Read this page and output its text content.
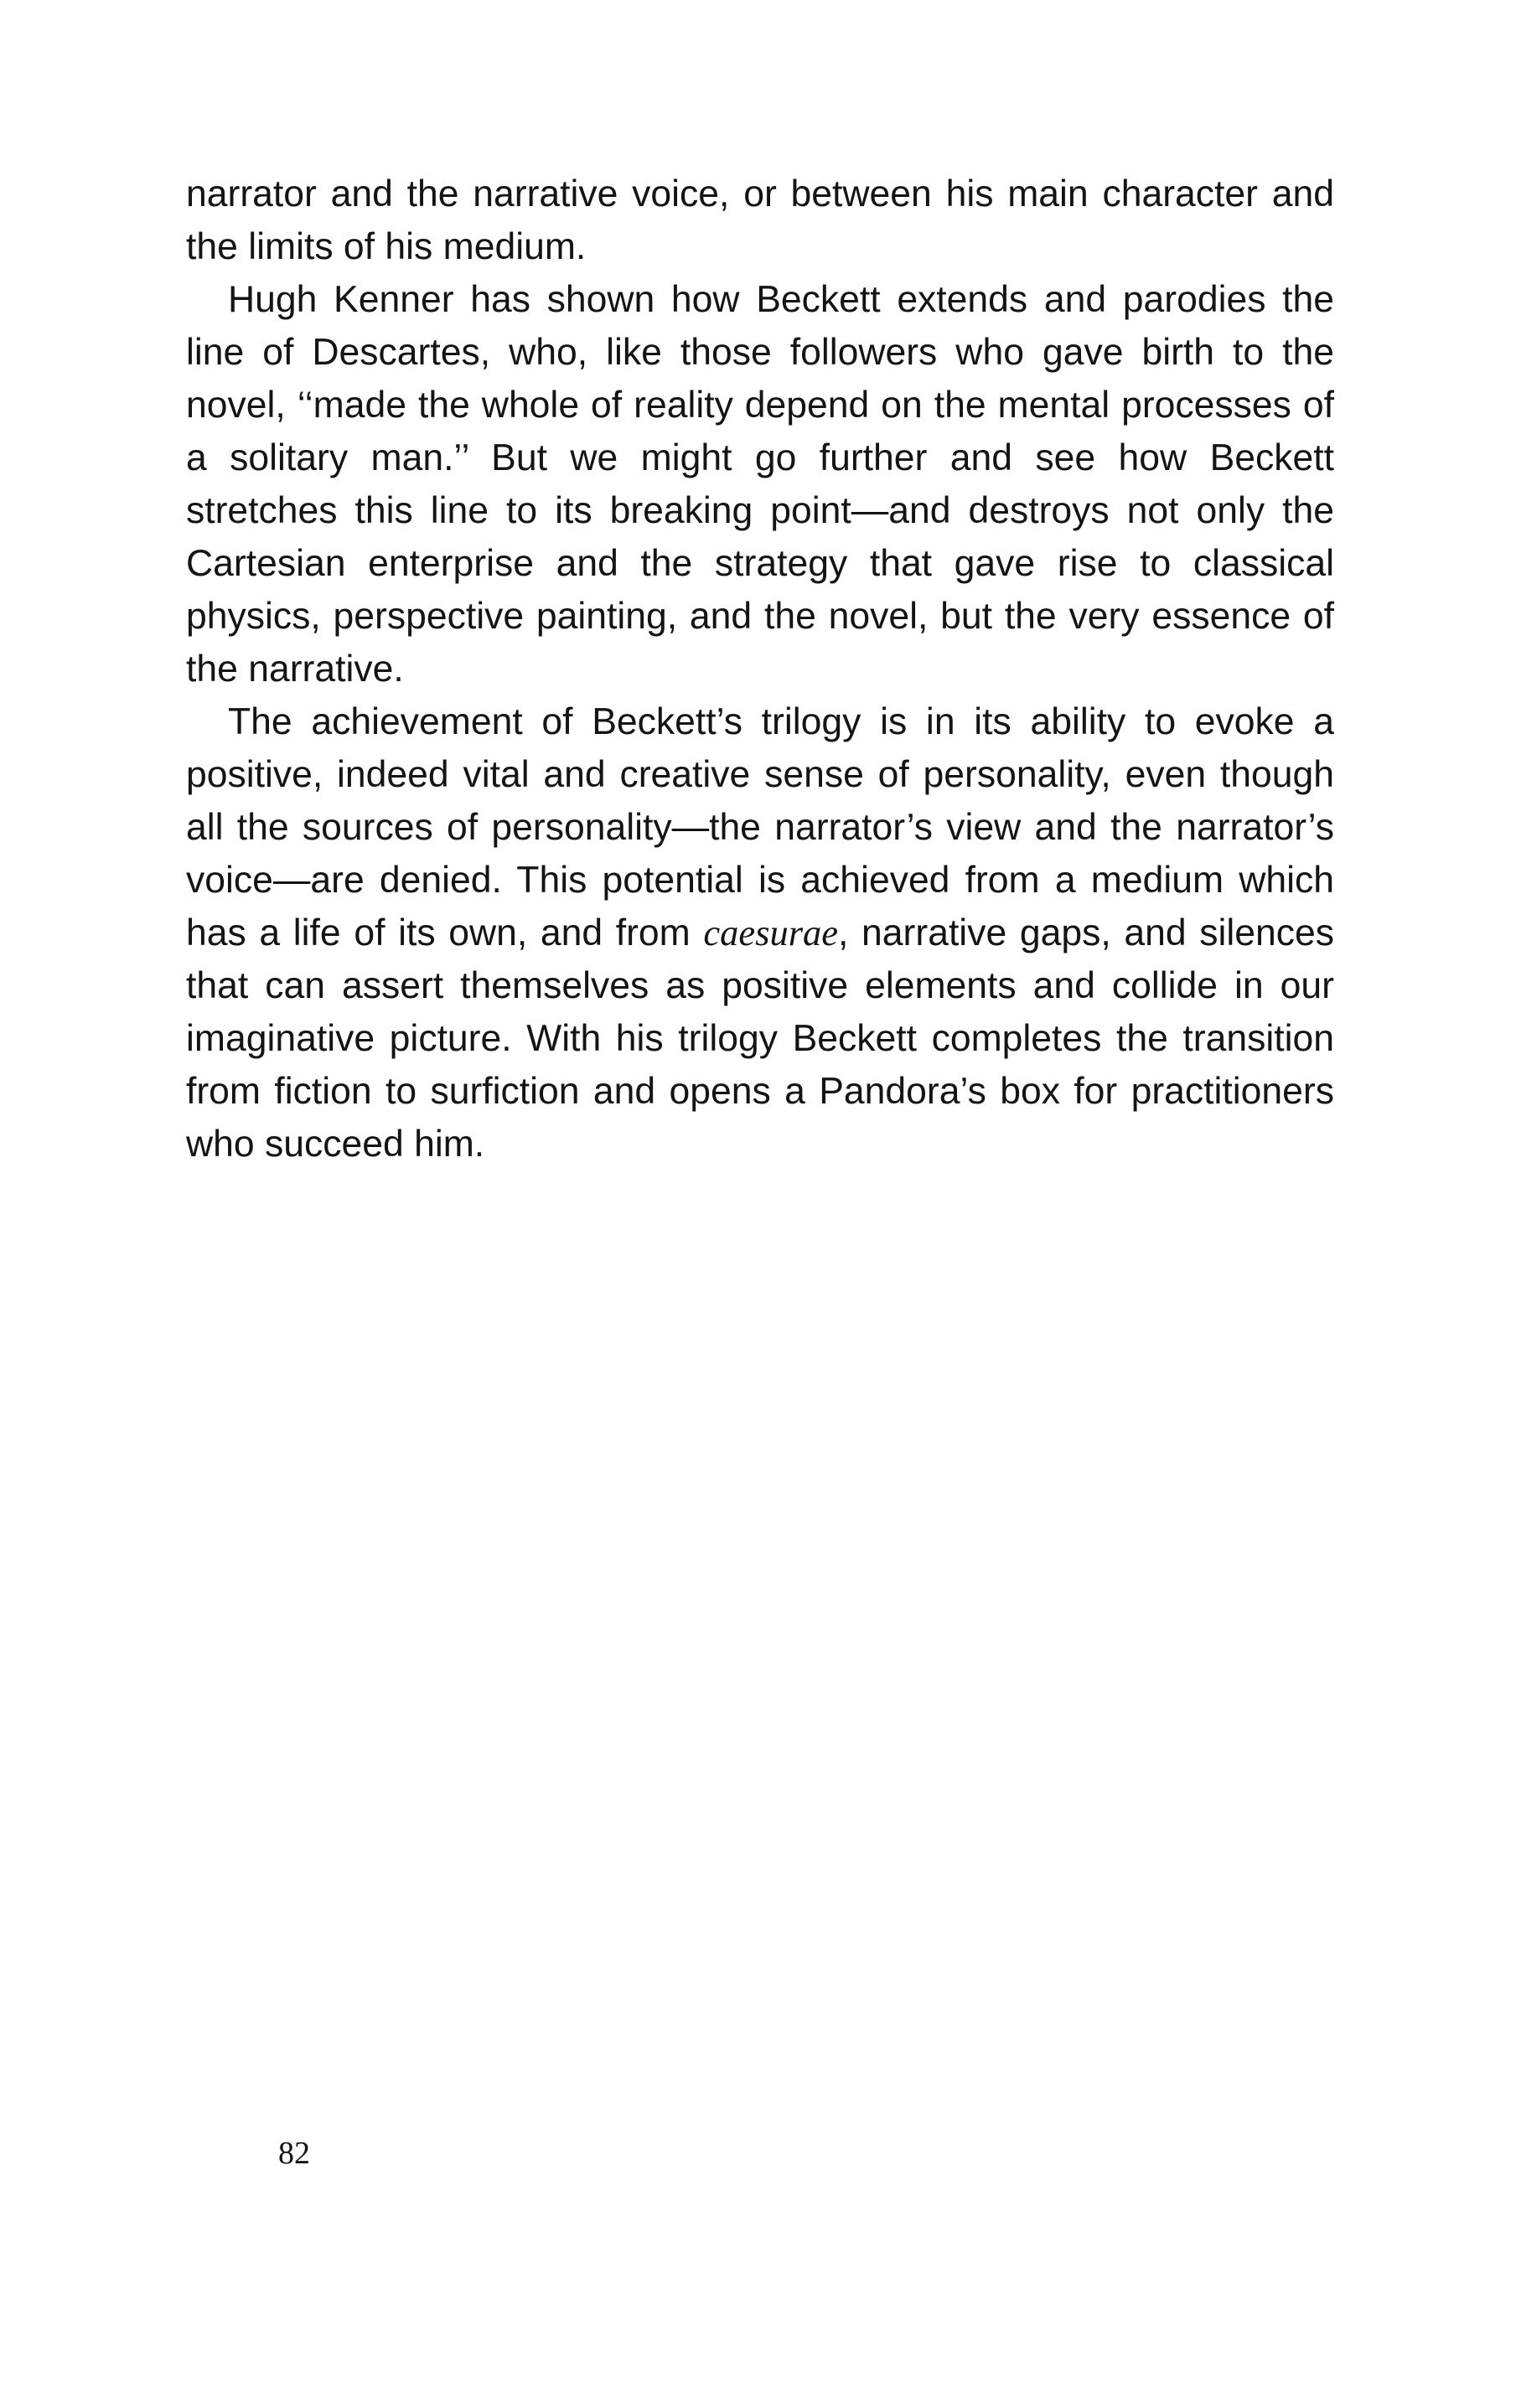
narrator and the narrative voice, or between his main character and the limits of his medium.

Hugh Kenner has shown how Beckett extends and parodies the line of Descartes, who, like those followers who gave birth to the novel, ‘‘made the whole of reality depend on the mental processes of a solitary man.’’ But we might go further and see how Beckett stretches this line to its breaking point—and destroys not only the Cartesian enterprise and the strategy that gave rise to classical physics, perspective painting, and the novel, but the very essence of the narrative.

The achievement of Beckett’s trilogy is in its ability to evoke a positive, indeed vital and creative sense of personality, even though all the sources of personality—the narrator’s view and the narrator’s voice—are denied. This potential is achieved from a medium which has a life of its own, and from caesurae, narrative gaps, and silences that can assert themselves as positive elements and collide in our imaginative picture. With his trilogy Beckett completes the transition from fiction to surfiction and opens a Pandora’s box for practitioners who succeed him.

82
